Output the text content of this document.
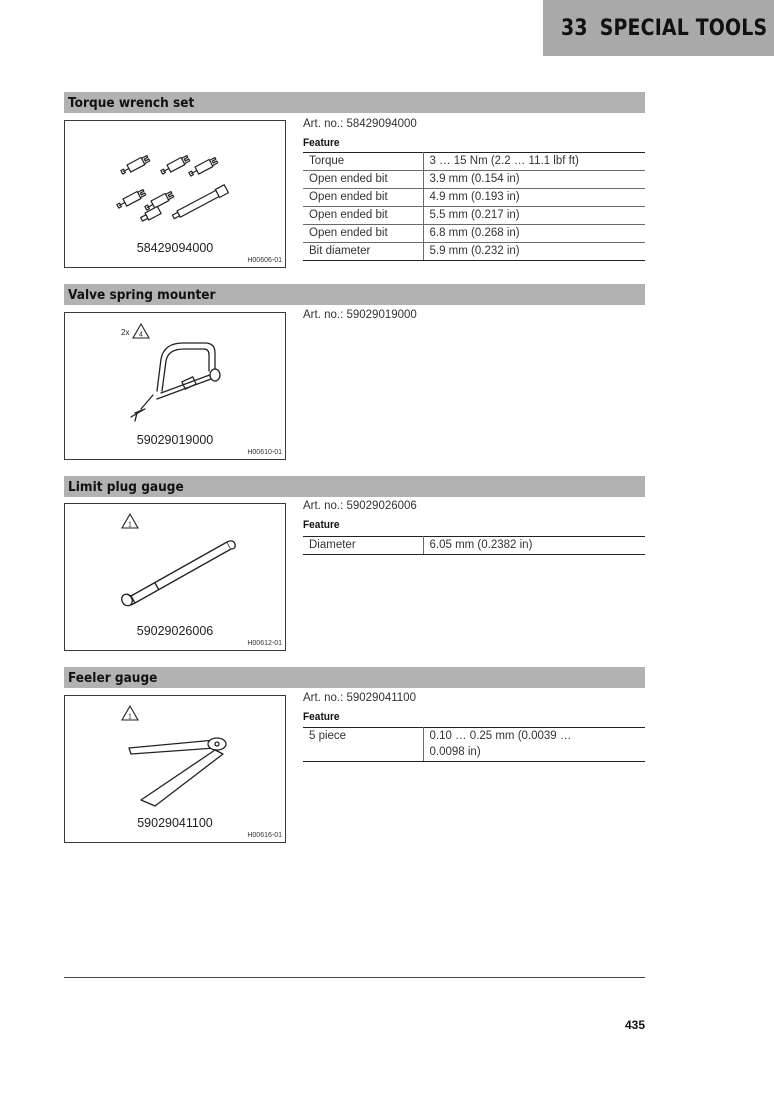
33 SPECIAL TOOLS
Torque wrench set
58429094000
H00606-01
Art. no.: 58429094000
Feature
Torque	3 … 15 Nm (2.2 … 11.1 lbf ft)
Open ended bit	3.9 mm (0.154 in)
Open ended bit	4.9 mm (0.193 in)
Open ended bit	5.5 mm (0.217 in)
Open ended bit	6.8 mm (0.268 in)
Bit diameter	5.9 mm (0.232 in)
Valve spring mounter
2x 4
59029019000
H00610-01
Art. no.: 59029019000
Limit plug gauge
1
59029026006
H00612-01
Art. no.: 59029026006
Feature
Diameter	6.05 mm (0.2382 in)
Feeler gauge
1
59029041100
H00616-01
Art. no.: 59029041100
Feature
5 piece	0.10 … 0.25 mm (0.0039 …
0.0098 in)
435
